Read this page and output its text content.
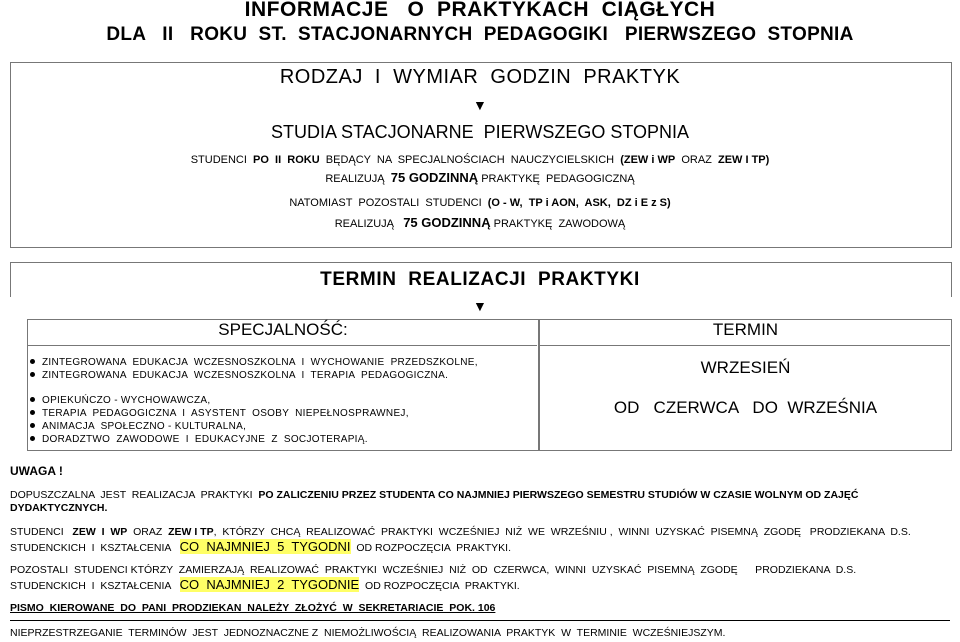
INFORMACJE   O  PRAKTYKACH  CIĄGŁYCH
DLA   II   ROKU  ST.  STACJONARNYCH  PEDAGOGIKI   PIERWSZEGO  STOPNIA
RODZAJ  I  WYMIAR  GODZIN  PRAKTYK
▼
STUDIA STACJONARNE  PIERWSZEGO STOPNIA
STUDENCI  PO  II  ROKU  BĘDĄCY  NA  SPECJALNOŚCIACH  NAUCZYCIELSKICH  (ZEW i WP  ORAZ  ZEW I TP)
REALIZUJĄ  75 GODZINNĄ PRAKTYKĘ  PEDAGOGICZNĄ
NATOMIAST  POZOSTALI  STUDENCI  (O - W,  TP i AON,  ASK,  DZ i E z S)
REALIZUJĄ   75 GODZINNĄ PRAKTYKĘ  ZAWODOWĄ
TERMIN  REALIZACJI  PRAKTYKI
▼
SPECJALNOŚĆ:	TERMIN
ZINTEGROWANA  EDUKACJA  WCZESNOSZKOLNA  I  WYCHOWANIE  PRZEDSZKOLNE,
ZINTEGROWANA  EDUKACJA  WCZESNOSZKOLNA  I  TERAPIA  PEDAGOGICZNA.
OPIEKUŃCZO - WYCHOWAWCZA,
TERAPIA  PEDAGOGICZNA  I  ASYSTENT  OSOBY  NIEPEŁNOSPRAWNEJ,
ANIMACJA  SPOŁECZNO - KULTURALNA,
DORADZTWO  ZAWODOWE  I  EDUKACYJNE  Z  SOCJOTERAPIĄ.
WRZESIEŃ
OD   CZERWCA   DO  WRZEŚNIA
UWAGA !
DOPUSZCZALNA  JEST  REALIZACJA  PRAKTYKI  PO ZALICZENIU PRZEZ STUDENTA CO NAJMNIEJ PIERWSZEGO SEMESTRU STUDIÓW W CZASIE WOLNYM OD ZAJĘĆ DYDAKTYCZNYCH.
STUDENCI   ZEW  I  WP  ORAZ  ZEW I TP,  KTÓRZY  CHCĄ  REALIZOWAĆ  PRAKTYKI  WCZEŚNIEJ  NIŻ  WE  WRZEŚNIU ,  WINNI  UZYSKAĆ  PISEMNĄ  ZGODĘ   PRODZIEKANA  D.S.
STUDENCKICH  I  KSZTAŁCENIA   CO  NAJMNIEJ  5  TYGODNI  OD ROZPOCZĘCIA  PRAKTYKI.
POZOSTALI  STUDENCI KTÓRZY  ZAMIERZAJĄ  REALIZOWAĆ  PRAKTYKI  WCZEŚNIEJ  NIŻ  OD  CZERWCA,  WINNI  UZYSKAĆ  PISEMNĄ  ZGODĘ      PRODZIEKANA  D.S.
STUDENCKICH  I  KSZTAŁCENIA   CO  NAJMNIEJ  2  TYGODNIE  OD ROZPOCZĘCIA  PRAKTYKI.
PISMO  KIEROWANE  DO  PANI  PRODZIEKAN  NALEŻY  ZŁOŻYĆ  W  SEKRETARIACIE  POK. 106
NIEPRZESTRZEGANIE  TERMINÓW  JEST  JEDNOZNACZNE Z  NIEMOŻLIWOŚCIĄ  REALIZOWANIA  PRAKTYK  W  TERMINIE  WCZEŚNIEJSZYM.
